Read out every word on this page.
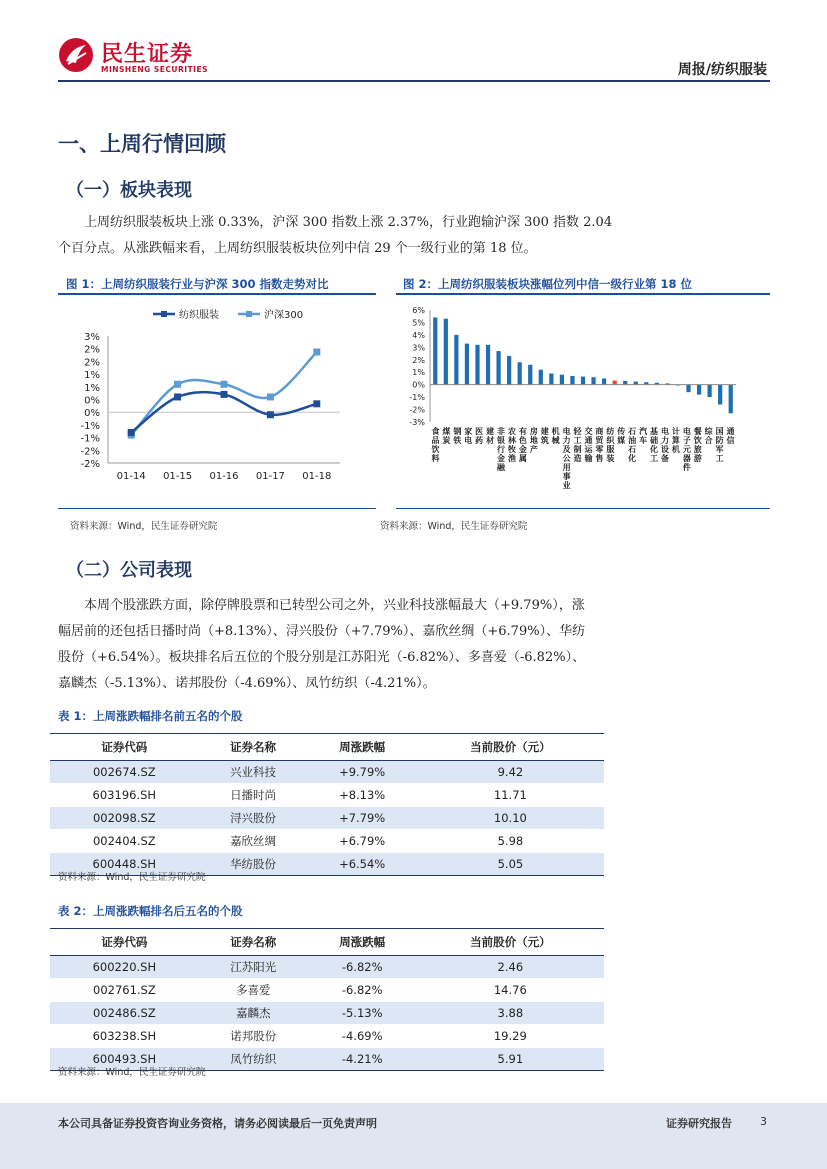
民生证券
MINSHENG SECURITIES	周报/纺织服装
一、上周行情回顾
（一）板块表现
上周纺织服装板块上涨 0.33%，沪深 300 指数上涨 2.37%，行业跑输沪深 300 指数 2.04
个百分点。从涨跌幅来看，上周纺织服装板块位列中信 29 个一级行业的第 18 位。
图 1：上周纺织服装行业与沪深 300 指数走势对比
3%
2%
2%
1%
1%
0%
0%
-1%
-1%
-2%
-2%
01-14 01-15 01-16 01-17 01-18
纺织服装	沪深300
资料来源：Wind，民生证券研究院
图 2：上周纺织服装板块涨幅位列中信一级行业第 18 位
6%
5%
4%
3%
2%
1%
0%
-1%
-2%
-3%
食品饮料
煤炭
钢铁
家电
医药
建材
非银行金融
农林牧渔
有色金属
房地产
建筑
机械
电力及公用事业
轻工制造
交通运输
商贸零售
纺织服装
传媒
石油石化
汽车
基础化工
电力设备
计算机
电子元器件
餐饮旅游
综合
国防军工
通信
资料来源：Wind，民生证券研究院
（二）公司表现
本周个股涨跌方面，除停牌股票和已转型公司之外，兴业科技涨幅最大（+9.79%），涨
幅居前的还包括日播时尚（+8.13%）、浔兴股份（+7.79%）、嘉欣丝绸（+6.79%）、华纺
股份（+6.54%）。板块排名后五位的个股分别是江苏阳光（-6.82%）、多喜爱（-6.82%）、
嘉麟杰（-5.13%）、诺邦股份（-4.69%）、凤竹纺织（-4.21%）。
表 1：上周涨跌幅排名前五名的个股
证券代码	证券名称	周涨跌幅	当前股价（元）
002674.SZ	兴业科技	+9.79%	9.42
603196.SH	日播时尚	+8.13%	11.71
002098.SZ	浔兴股份	+7.79%	10.10
002404.SZ	嘉欣丝绸	+6.79%	5.98
600448.SH	华纺股份	+6.54%	5.05
资料来源：Wind，民生证券研究院
表 2：上周涨跌幅排名后五名的个股
证券代码	证券名称	周涨跌幅	当前股价（元）
600220.SH	江苏阳光	-6.82%	2.46
002761.SZ	多喜爱	-6.82%	14.76
002486.SZ	嘉麟杰	-5.13%	3.88
603238.SH	诺邦股份	-4.69%	19.29
600493.SH	凤竹纺织	-4.21%	5.91
资料来源：Wind，民生证券研究院
本公司具备证券投资咨询业务资格，请务必阅读最后一页免责声明	证券研究报告	3
